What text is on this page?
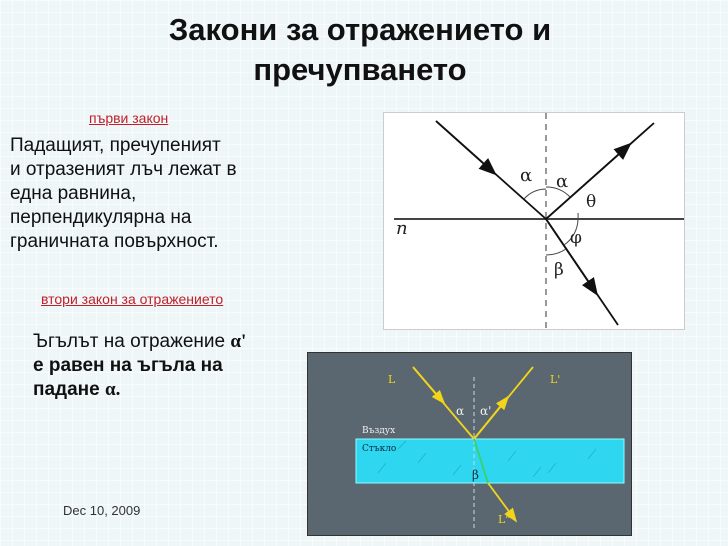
Закони за отражението и пречупването
първи закон
Падащият, пречупеният
и отразеният лъч лежат в
една равнина,
перпендикулярна на
граничната повърхност.
втори закон за отражението
Ъгълът на отражение α'
е равен на ъгъла на
падане α.
Dec 10, 2009
α α
θ
φ
β
n
L	L'
L"
Въздух
Стъкло
α α'
β
